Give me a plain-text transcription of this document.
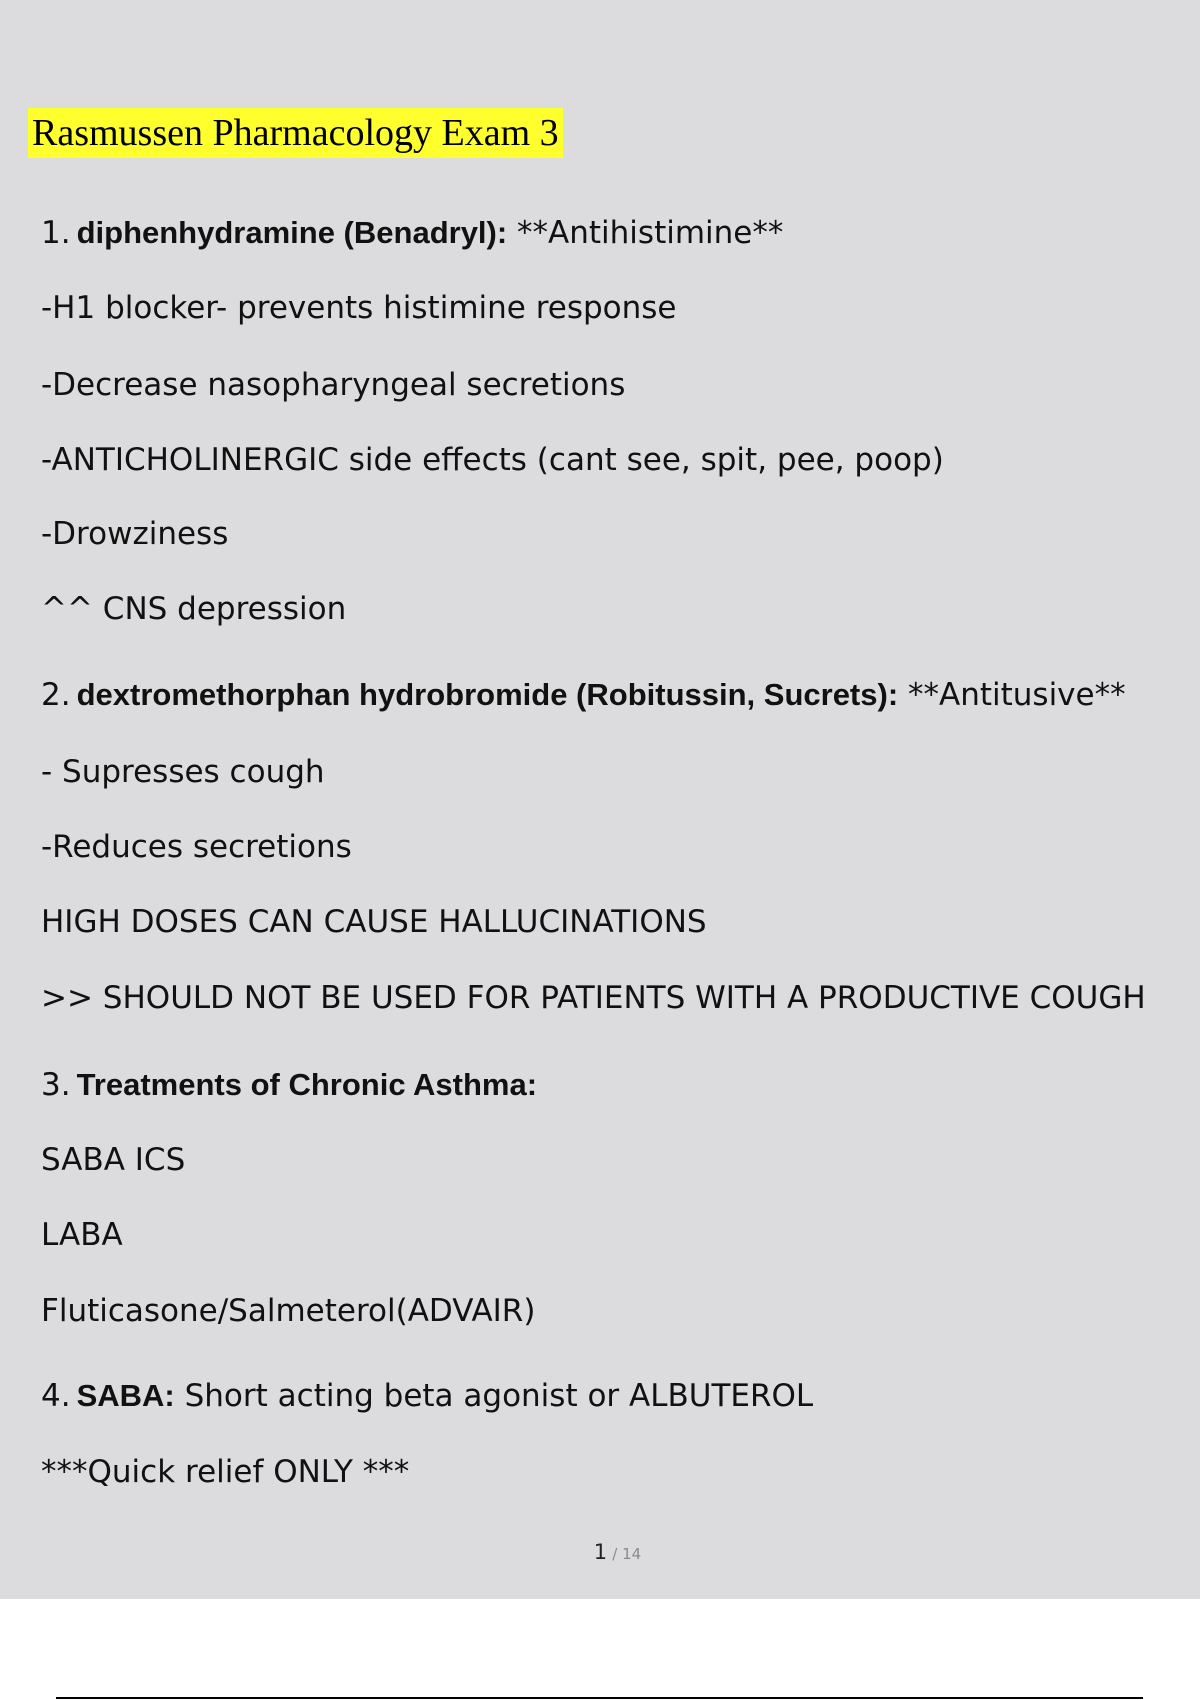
Rasmussen Pharmacology Exam 3
1. diphenhydramine (Benadryl): **Antihistimine**
-H1 blocker- prevents histimine response
-Decrease nasopharyngeal secretions
-ANTICHOLINERGIC side effects (cant see, spit, pee, poop)
-Drowziness
^^ CNS depression
2. dextromethorphan hydrobromide (Robitussin, Sucrets): **Antitusive**
- Supresses cough
-Reduces secretions
HIGH DOSES CAN CAUSE HALLUCINATIONS
>> SHOULD NOT BE USED FOR PATIENTS WITH A PRODUCTIVE COUGH
3. Treatments of Chronic Asthma:
SABA ICS
LABA
Fluticasone/Salmeterol(ADVAIR)
4. SABA: Short acting beta agonist or ALBUTEROL
***Quick relief ONLY ***
1 / 14
